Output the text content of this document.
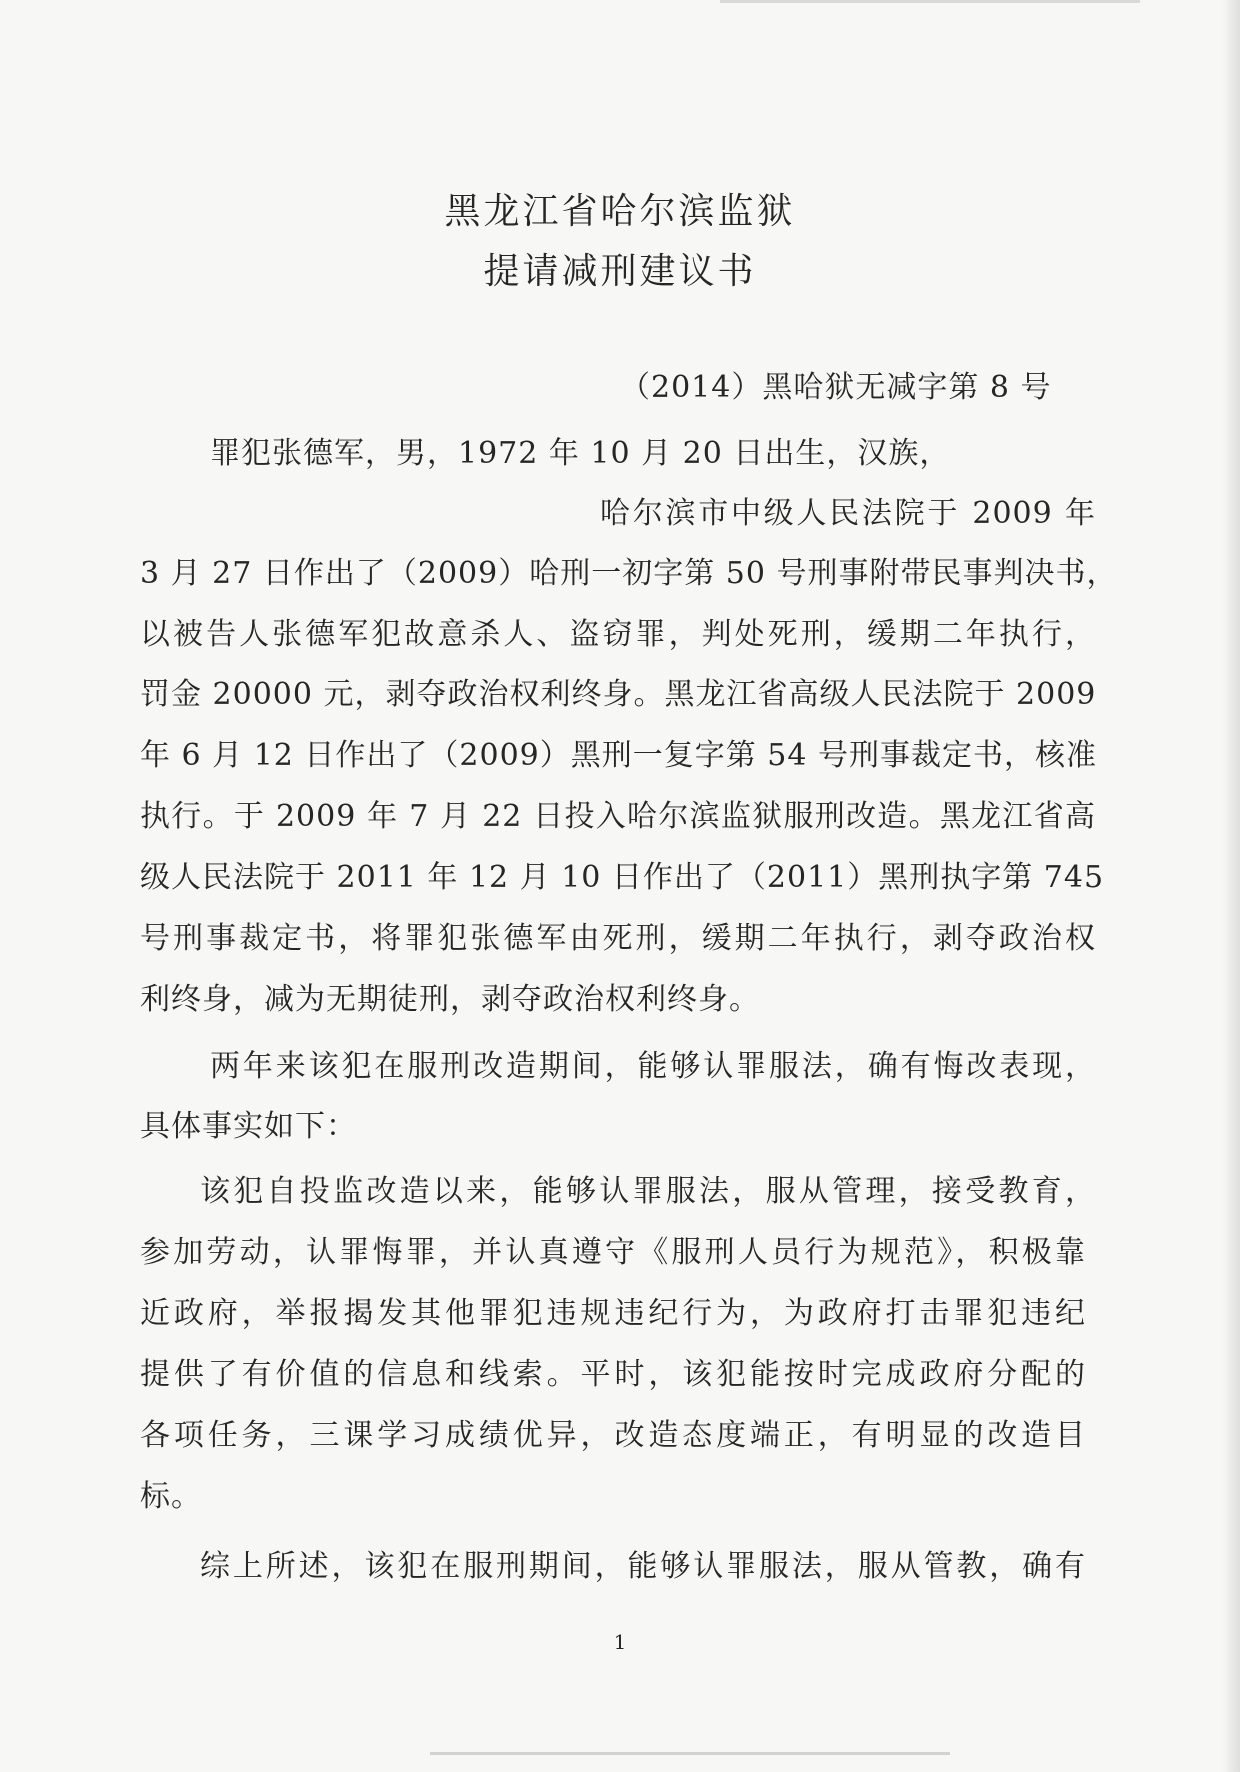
黑龙江省哈尔滨监狱
提请减刑建议书
（2014）黑哈狱无减字第 8 号
罪犯张德军，男，1972 年 10 月 20 日出生，汉族，
哈尔滨市中级人民法院于 2009 年
3 月 27 日作出了（2009）哈刑一初字第 50 号刑事附带民事判决书，
以被告人张德军犯故意杀人、盗窃罪，判处死刑，缓期二年执行，
罚金 20000 元，剥夺政治权利终身。黑龙江省高级人民法院于 2009
年 6 月 12 日作出了（2009）黑刑一复字第 54 号刑事裁定书，核准
执行。于 2009 年 7 月 22 日投入哈尔滨监狱服刑改造。黑龙江省高
级人民法院于 2011 年 12 月 10 日作出了（2011）黑刑执字第 745
号刑事裁定书，将罪犯张德军由死刑，缓期二年执行，剥夺政治权
利终身，减为无期徒刑，剥夺政治权利终身。
两年来该犯在服刑改造期间，能够认罪服法，确有悔改表现，
具体事实如下：
该犯自投监改造以来，能够认罪服法，服从管理，接受教育，
参加劳动，认罪悔罪，并认真遵守《服刑人员行为规范》，积极靠
近政府，举报揭发其他罪犯违规违纪行为，为政府打击罪犯违纪
提供了有价值的信息和线索。平时，该犯能按时完成政府分配的
各项任务，三课学习成绩优异，改造态度端正，有明显的改造目
标。
综上所述，该犯在服刑期间，能够认罪服法，服从管教，确有
1
